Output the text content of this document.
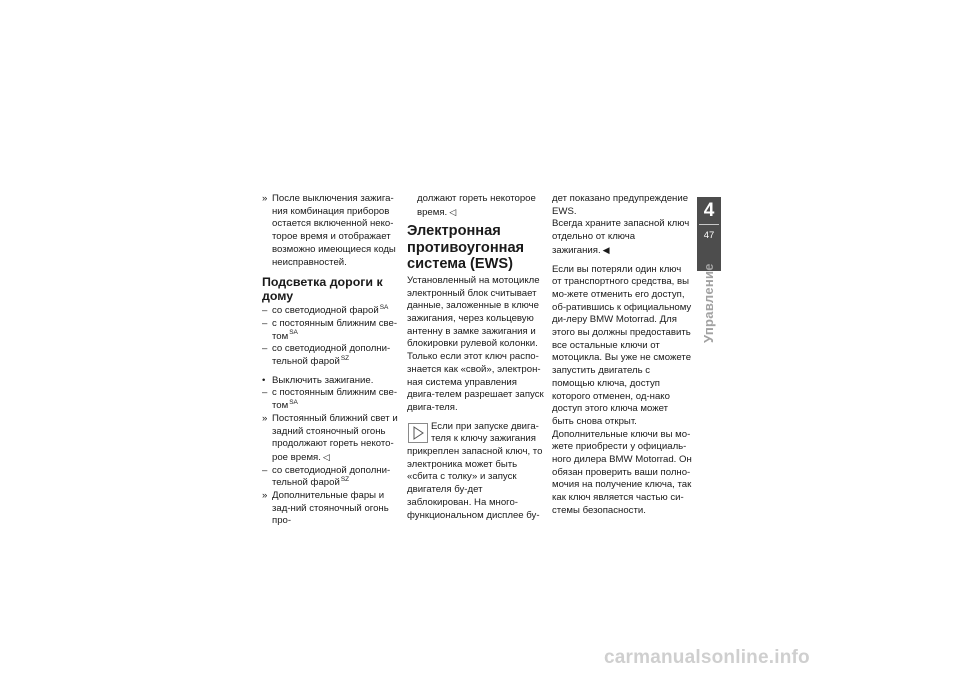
» После выключения зажига-ния комбинация приборов остается включенной неко-торое время и отображает возможно имеющиеся коды неисправностей.
Подсветка дороги к дому
– со светодиодной фарой$^{SA}$
– с постоянным ближним све-том$^{SA}$
– со светодиодной дополни-тельной фарой$^{SZ}$
• Выключить зажигание.
– с постоянным ближним све-том$^{SA}$
» Постоянный ближний свет и задний стояночный огонь продолжают гореть некото-рое время. ◁
– со светодиодной дополни-тельной фарой$^{SZ}$
» Дополнительные фары и зад-ний стояночный огонь про-

должают гореть некоторое время. ◁

Электронная противоугонная система (EWS)

Установленный на мотоцикле электронный блок считывает данные, заложенные в ключе зажигания, через кольцевую антенну в замке зажигания и блокировки рулевой колонки. Только если этот ключ распо-знается как «свой», электрон-ная система управления двига-телем разрешает запуск двига-теля.

Если при запуске двига-теля к ключу зажигания
прикреплен запасной ключ, то электроника может быть «сбита с толку» и запуск двигателя бу-дет заблокирован. На много-функциональном дисплее бу-

дет показано предупреждение EWS.

Всегда храните запасной ключ отдельно от ключа зажигания. ◀

Если вы потеряли один ключ от транспортного средства, вы мо-жете отменить его доступ, об-ратившись к официальному ди-леру BMW Motorrad. Для этого вы должны предоставить все остальные ключи от мотоцикла. Вы уже не сможете запустить двигатель с помощью ключа, доступ которого отменен, од-нако доступ этого ключа может быть снова открыт.

Дополнительные ключи вы мо-жете приобрести у официаль-ного дилера BMW Motorrad. Он обязан проверить ваши полно-мочия на получение ключа, так как ключ является частью си-стемы безопасности.

4
47
Управление
carmanualsonline.info
